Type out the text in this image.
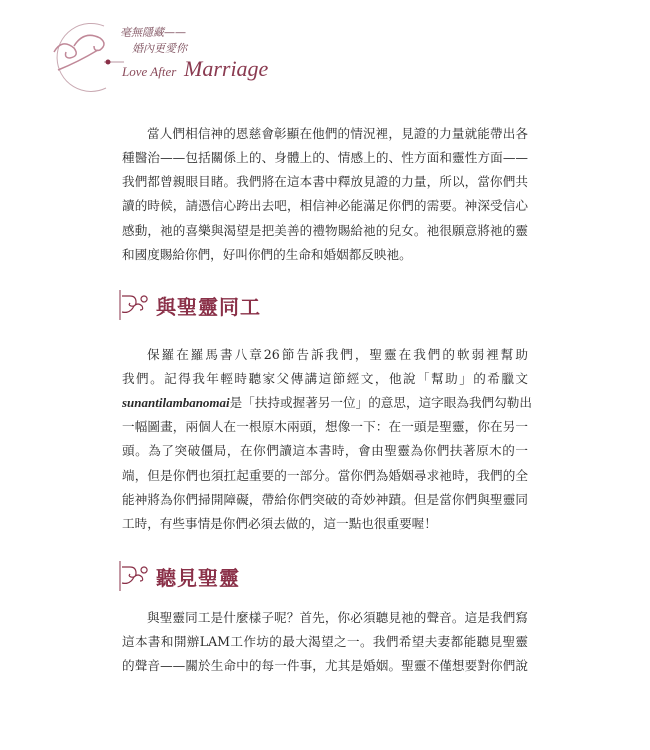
毫無隱藏——
婚內更愛你
Love After Marriage
當人們相信神的恩慈會彰顯在他們的情況裡，見證的力量就能帶出各
種醫治——包括關係上的、身體上的、情感上的、性方面和靈性方面——
我們都曾親眼目睹。我們將在這本書中釋放見證的力量，所以，當你們共
讀的時候，請憑信心跨出去吧，相信神必能滿足你們的需要。神深受信心
感動，祂的喜樂與渴望是把美善的禮物賜給祂的兒女。祂很願意將祂的靈
和國度賜給你們，好叫你們的生命和婚姻都反映祂。
與聖靈同工
保羅在羅馬書八章26節告訴我們，聖靈在我們的軟弱裡幫助
我們。記得我年輕時聽家父傳講這節經文，他說「幫助」的希臘文
sunantilambanomai 是「扶持或握著另一位」的意思，這字眼為我們勾勒出
一幅圖畫，兩個人在一根原木兩頭，想像一下：在一頭是聖靈，你在另一
頭。為了突破僵局，在你們讀這本書時，會由聖靈為你們扶著原木的一
端，但是你們也須扛起重要的一部分。當你們為婚姻尋求祂時，我們的全
能神將為你們掃開障礙，帶給你們突破的奇妙神蹟。但是當你們與聖靈同
工時，有些事情是你們必須去做的，這一點也很重要喔！
聽見聖靈
與聖靈同工是什麼樣子呢？首先，你必須聽見祂的聲音。這是我們寫
這本書和開辦LAM工作坊的最大渴望之一。我們希望夫妻都能聽見聖靈
的聲音——關於生命中的每一件事，尤其是婚姻。聖靈不僅想要對你們說
